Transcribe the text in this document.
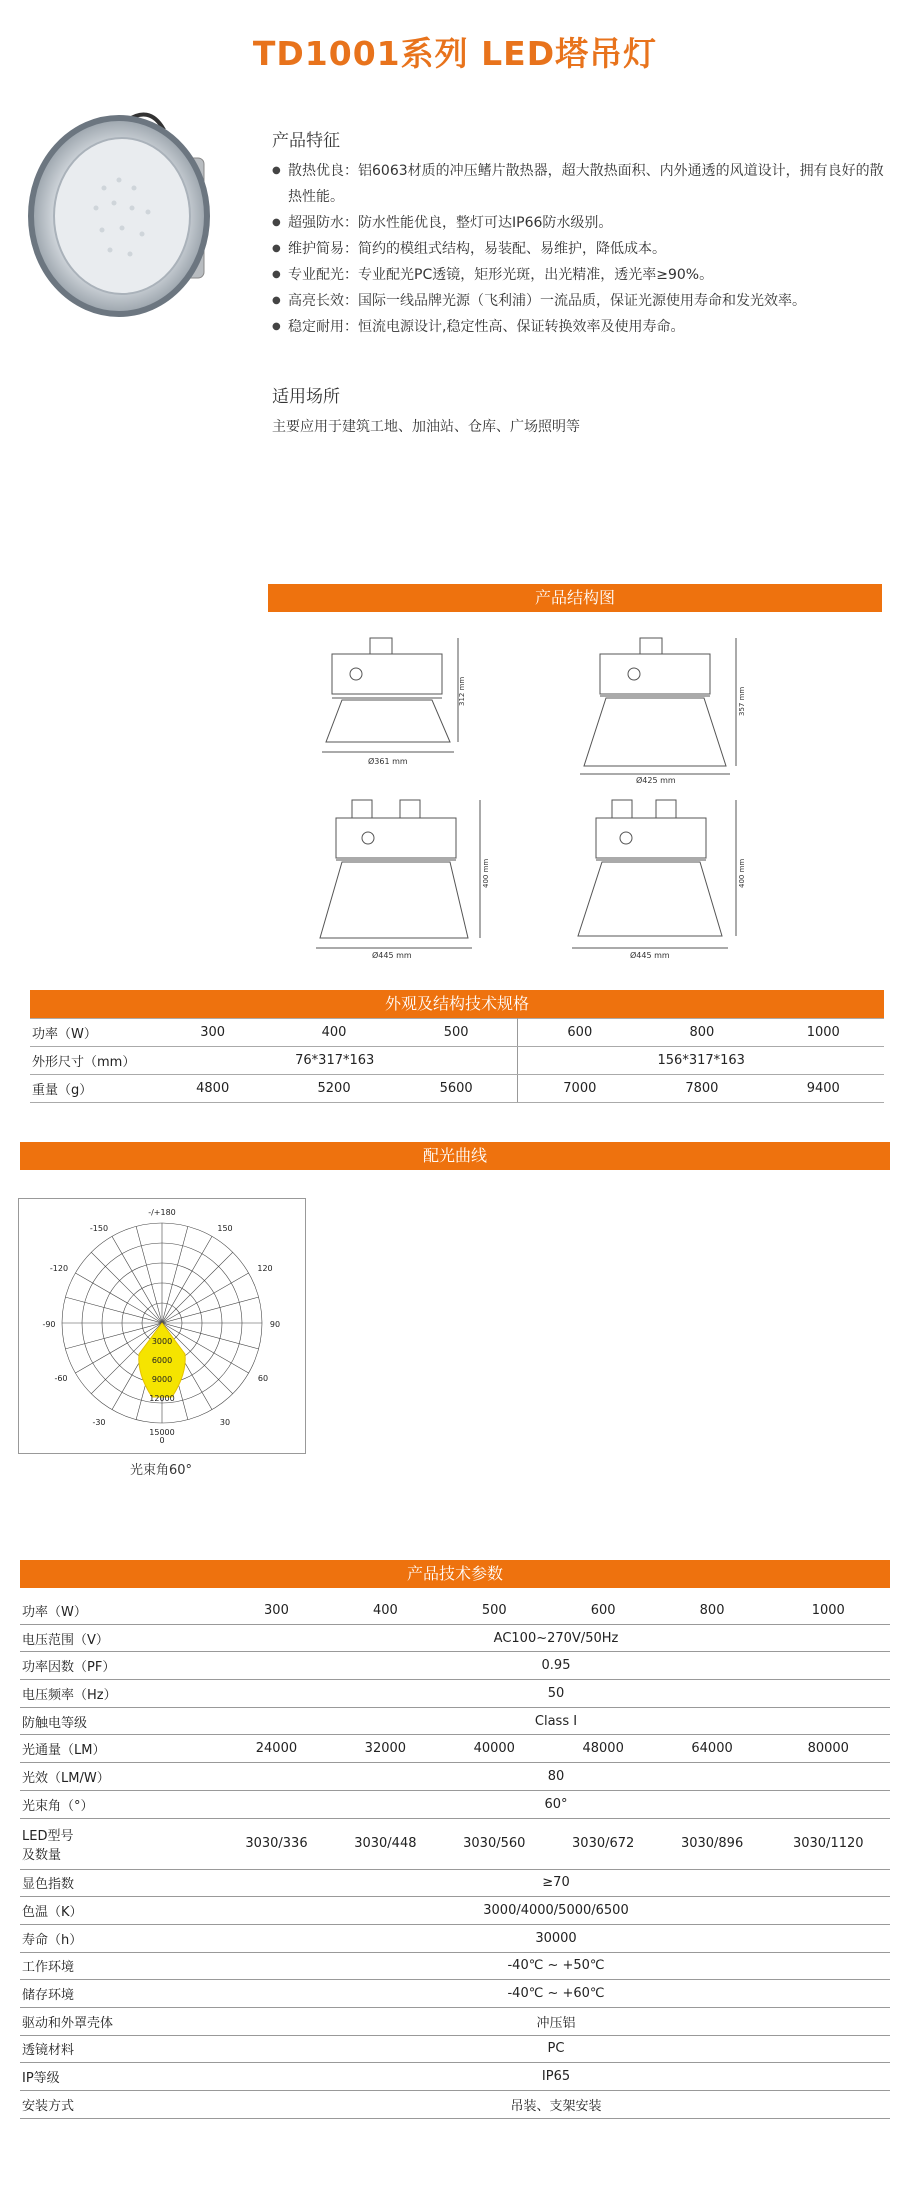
TD1001系列 LED塔吊灯
产品特征
● 散热优良：铝6063材质的冲压鳍片散热器，超大散热面积、内外通透的风道设计，拥有良好的散热性能。
● 超强防水：防水性能优良，整灯可达IP66防水级别。
● 维护简易：简约的模组式结构，易装配、易维护，降低成本。
● 专业配光：专业配光PC透镜，矩形光斑，出光精准，透光率≥90%。
● 高亮长效：国际一线品牌光源（飞利浦）一流品质，保证光源使用寿命和发光效率。
● 稳定耐用：恒流电源设计,稳定性高、保证转换效率及使用寿命。
适用场所
主要应用于建筑工地、加油站、仓库、广场照明等
产品结构图
Ø361 mm
312 mm
Ø425 mm
357 mm
Ø445 mm
400 mm
Ø445 mm
400 mm
外观及结构技术规格
功率（W）	300	400	500	600	800	1000
外形尺寸（mm）	76*317*163			156*317*163		
重量（g）	4800	5200	5600	7000	7800	9400
配光曲线
-/+180
-150	150
-120	120
-90	90
-60	60
-30	30
0
3000
6000
9000
12000
15000
光束角60°
产品技术参数
功率（W）	300	400	500	600	800	1000
电压范围（V）	AC100~270V/50Hz					
功率因数（PF）	0.95					
电压频率（Hz）	50					
防触电等级	Class Ⅰ					
光通量（LM）	24000	32000	40000	48000	64000	80000
光效（LM/W）	80					
光束角（°）	60°					
LED型号
及数量	3030/336	3030/448	3030/560	3030/672	3030/896	3030/1120
显色指数	≥70					
色温（K）	3000/4000/5000/6500					
寿命（h）	30000					
工作环境	-40℃ ~ +50℃					
储存环境	-40℃ ~ +60℃					
驱动和外罩壳体	冲压铝					
透镜材料	PC					
IP等级	IP65					
安装方式	吊装、支架安装					
